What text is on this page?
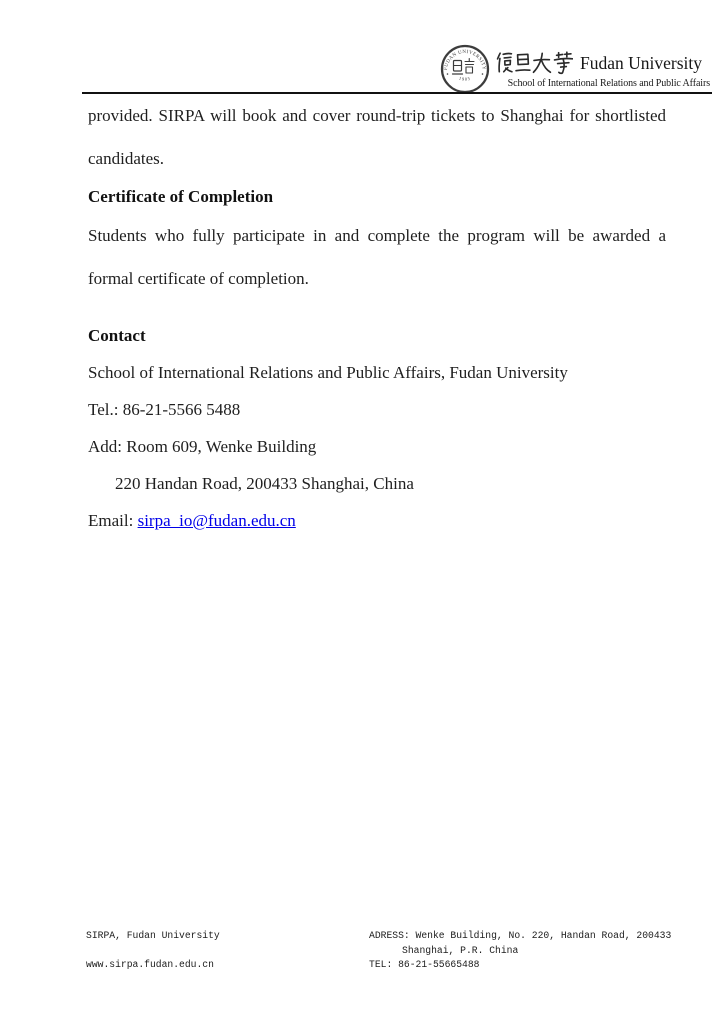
FUDAN UNIVERSITY
1905
Fudan University
School of International Relations and Public Affairs
provided. SIRPA will book and cover round-trip tickets to Shanghai for shortlisted
candidates.
Certificate of Completion
Students who fully participate in and complete the program will be awarded a
formal certificate of completion.
Contact
School of International Relations and Public Affairs, Fudan University
Tel.: 86-21-5566 5488
Add: Room 609, Wenke Building
220 Handan Road, 200433 Shanghai, China
Email: sirpa_io@fudan.edu.cn
SIRPA, Fudan University
www.sirpa.fudan.edu.cn
ADRESS: Wenke Building, No. 220, Handan Road, 200433
Shanghai, P.R. China
TEL: 86-21-55665488
